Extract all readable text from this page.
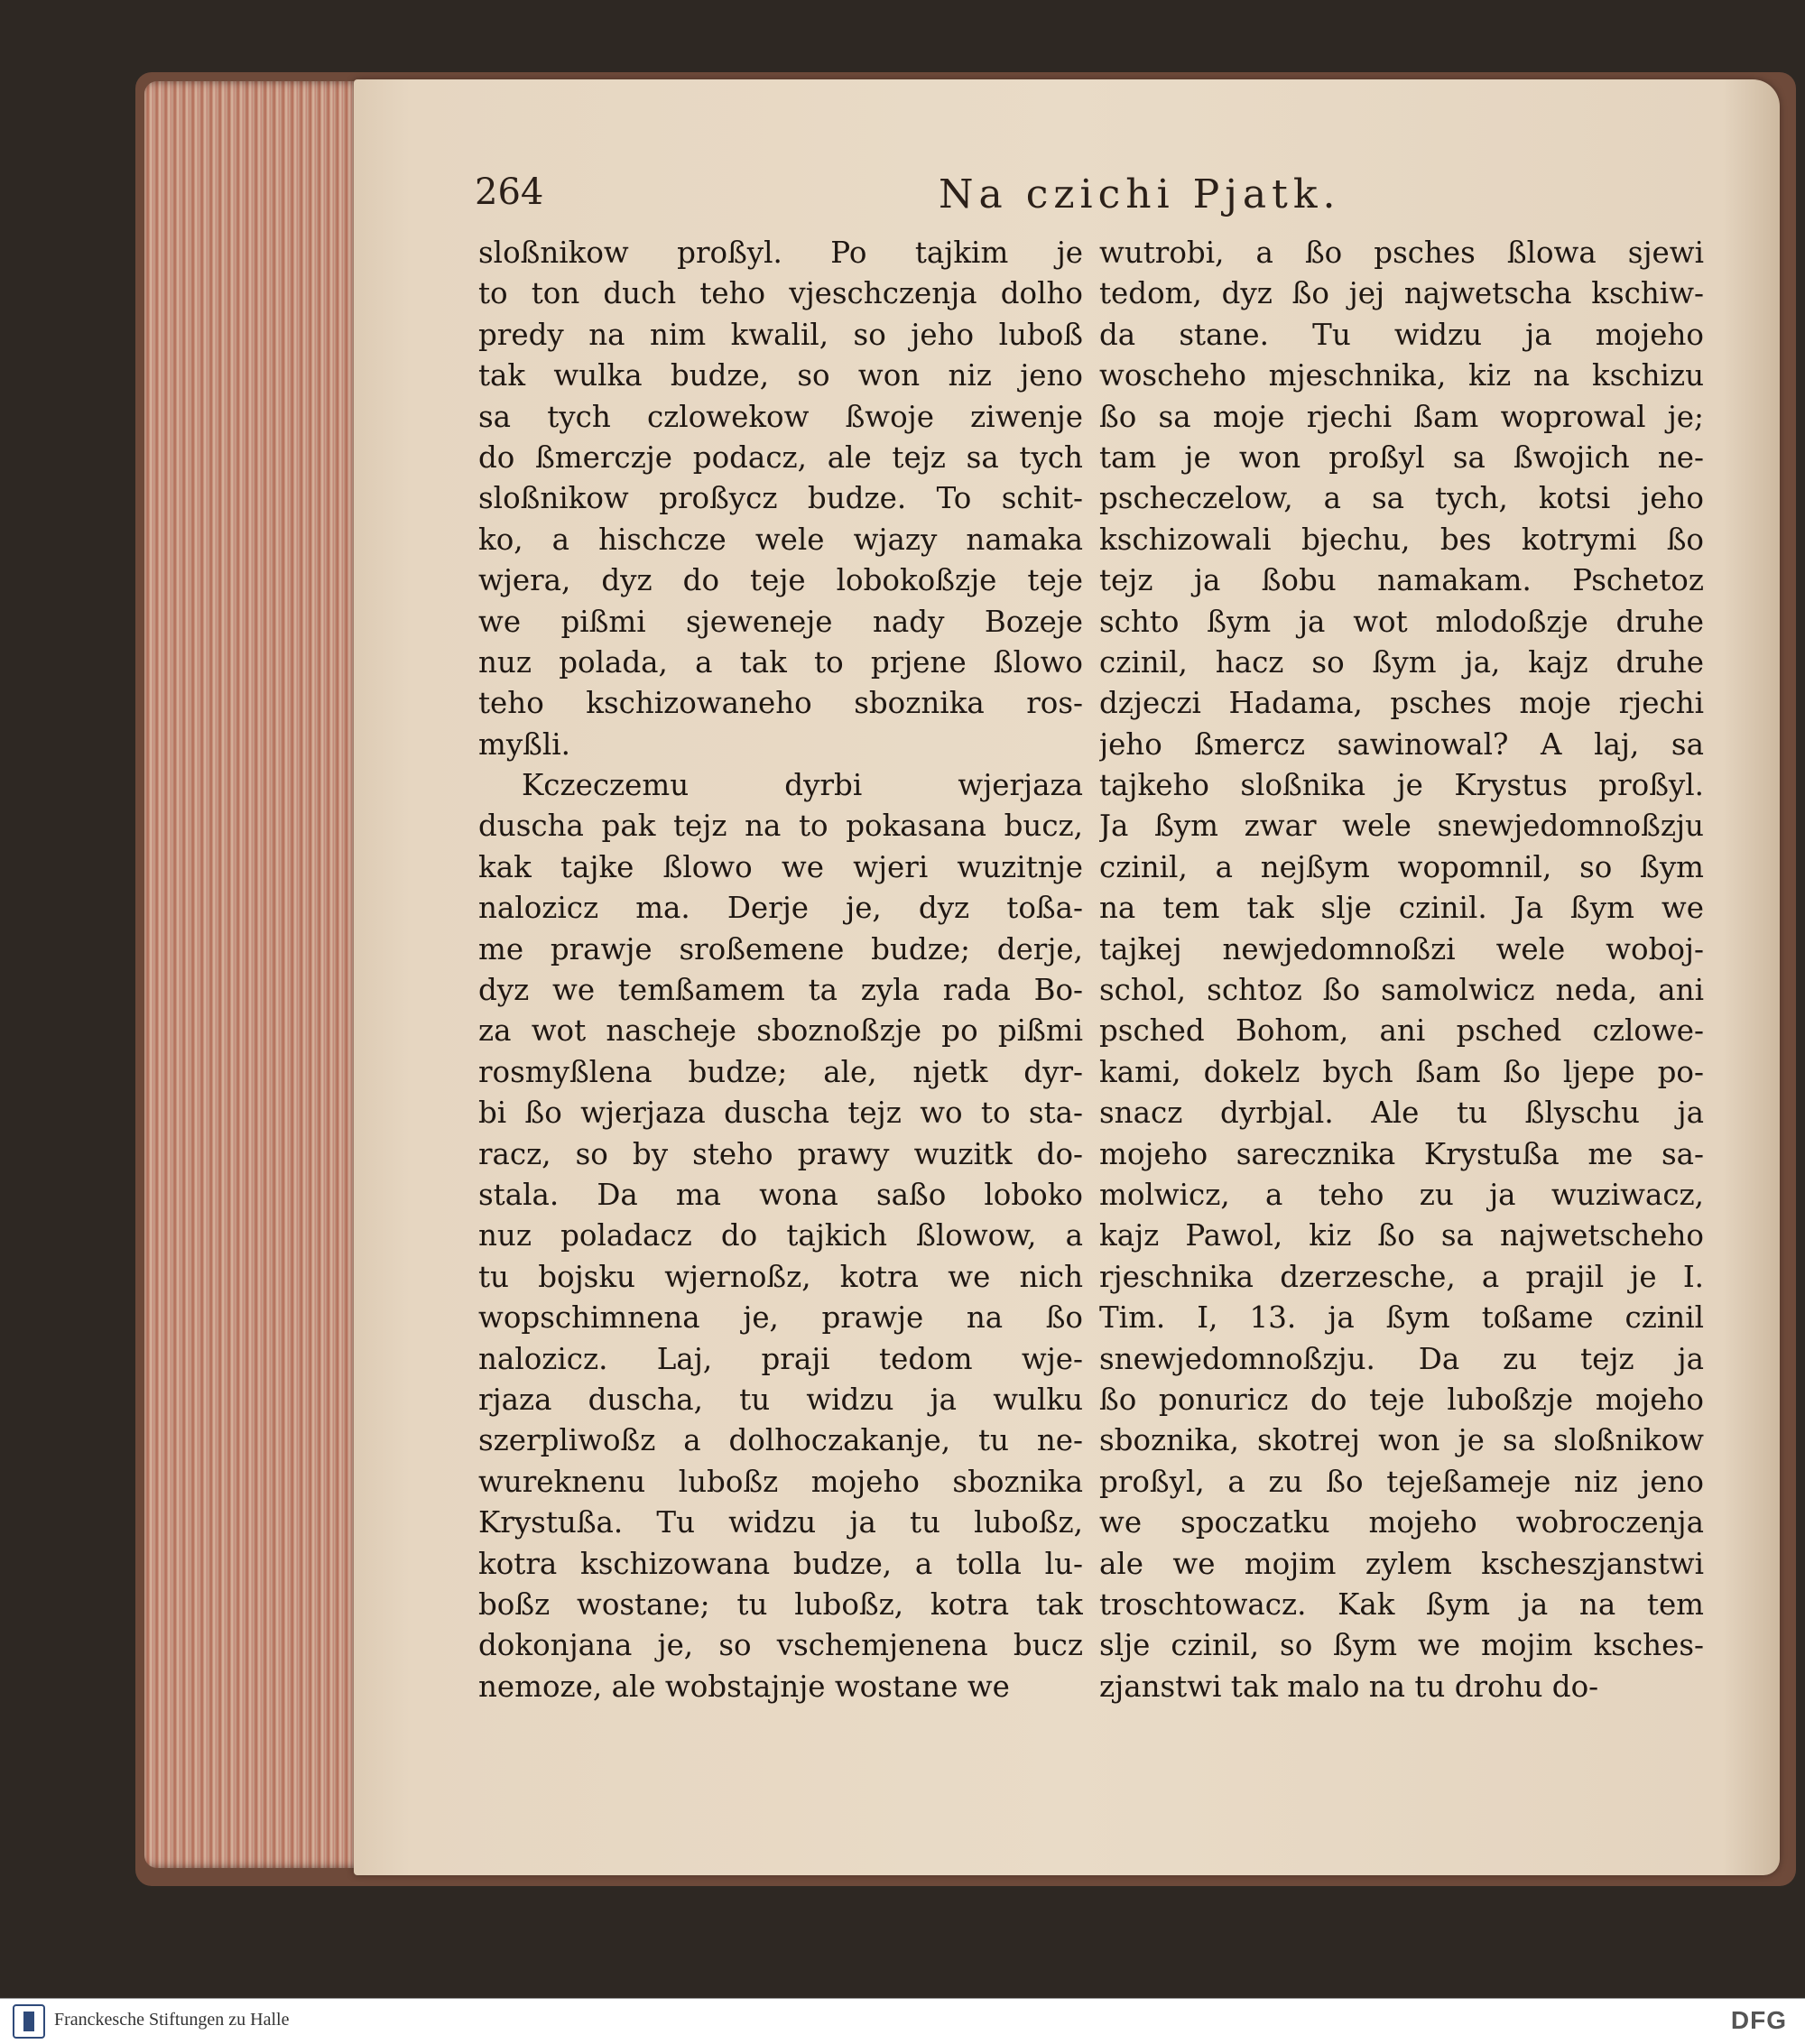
264	Na czichi Pjatk.
sloßnikow proßyl. Po tajkim je
to ton duch teho vjeschczenja dolho
predy na nim kwalil, so jeho luboß
tak wulka budze, so won niz jeno
sa tych czlowekow ßwoje ziwenje
do ßmerczje podacz, ale tejz sa tych
sloßnikow proßycz budze. To schit-
ko, a hischcze wele wjazy namaka
wjera, dyz do teje lobokoßzje teje
we pißmi sjeweneje nady Bozeje
nuz polada, a tak to prjene ßlowo
teho kschizowaneho sboznika ros-
myßli.
Kczeczemu dyrbi wjerjaza
duscha pak tejz na to pokasana bucz,
kak tajke ßlowo we wjeri wuzitnje
nalozicz ma. Derje je, dyz toßa-
me prawje sroßemene budze; derje,
dyz we temßamem ta zyla rada Bo-
za wot nascheje sboznoßzje po pißmi
rosmyßlena budze; ale, njetk dyr-
bi ßo wjerjaza duscha tejz wo to sta-
racz, so by steho prawy wuzitk do-
stala. Da ma wona saßo loboko
nuz poladacz do tajkich ßlowow, a
tu bojsku wjernoßz, kotra we nich
wopschimnena je, prawje na ßo
nalozicz. Laj, praji tedom wje-
rjaza duscha, tu widzu ja wulku
szerpliwoßz a dolhoczakanje, tu ne-
wureknenu luboßz mojeho sboznika
Krystußa. Tu widzu ja tu luboßz,
kotra kschizowana budze, a tolla lu-
boßz wostane; tu luboßz, kotra tak
dokonjana je, so vschemjenena bucz
nemoze, ale wobstajnje wostane we
wutrobi, a ßo psches ßlowa sjewi
tedom, dyz ßo jej najwetscha kschiw-
da stane. Tu widzu ja mojeho
woscheho mjeschnika, kiz na kschizu
ßo sa moje rjechi ßam woprowal je;
tam je won proßyl sa ßwojich ne-
pscheczelow, a sa tych, kotsi jeho
kschizowali bjechu, bes kotrymi ßo
tejz ja ßobu namakam. Pschetoz
schto ßym ja wot mlodoßzje druhe
czinil, hacz so ßym ja, kajz druhe
dzjeczi Hadama, psches moje rjechi
jeho ßmercz sawinowal? A laj, sa
tajkeho sloßnika je Krystus proßyl.
Ja ßym zwar wele snewjedomnoßzju
czinil, a nejßym wopomnil, so ßym
na tem tak slje czinil. Ja ßym we
tajkej newjedomnoßzi wele woboj-
schol, schtoz ßo samolwicz neda, ani
psched Bohom, ani psched czlowe-
kami, dokelz bych ßam ßo ljepe po-
snacz dyrbjal. Ale tu ßlyschu ja
mojeho sarecznika Krystußa me sa-
molwicz, a teho zu ja wuziwacz,
kajz Pawol, kiz ßo sa najwetscheho
rjeschnika dzerzesche, a prajil je I.
Tim. I, 13. ja ßym toßame czinil
snewjedomnoßzju. Da zu tejz ja
ßo ponuricz do teje luboßzje mojeho
sboznika, skotrej won je sa sloßnikow
proßyl, a zu ßo tejeßameje niz jeno
we spoczatku mojeho wobroczenja
ale we mojim zylem kscheszjanstwi
troschtowacz. Kak ßym ja na tem
slje czinil, so ßym we mojim ksches-
zjanstwi tak malo na tu drohu do-
Franckesche Stiftungen zu Halle	DFG
